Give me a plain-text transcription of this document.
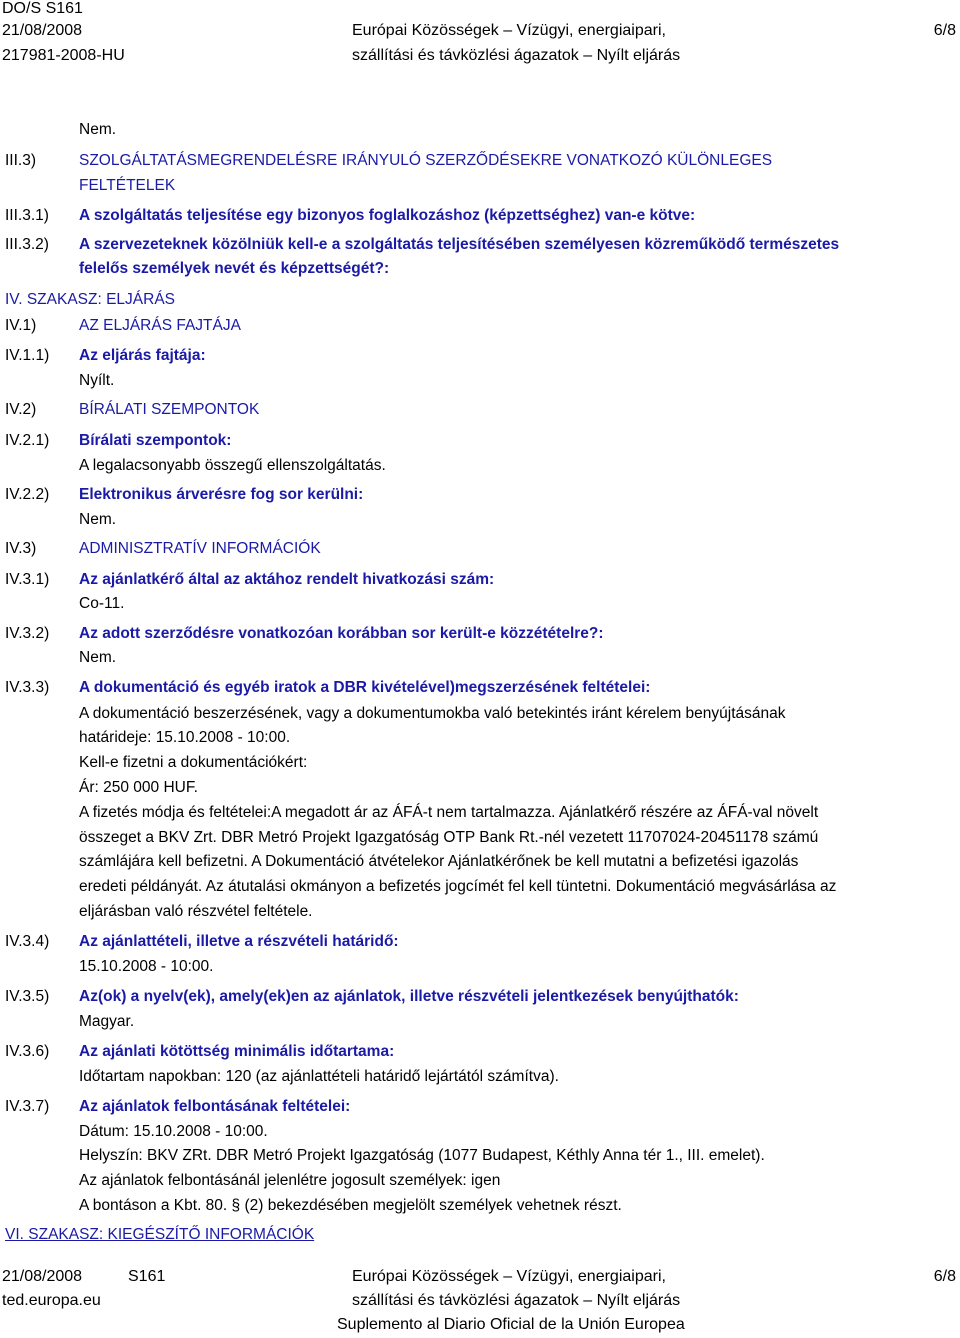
DO/S S161
21/08/2008
217981-2008-HU
Európai Közösségek – Vízügyi, energiaipari,
szállítási és távközlési ágazatok – Nyílt eljárás
6/8
Nem.
III.3)	SZOLGÁLTATÁSMEGRENDELÉSRE IRÁNYULÓ SZERZŐDÉSEKRE VONATKOZÓ KÜLÖNLEGES
FELTÉTELEK
III.3.1) A szolgáltatás teljesítése egy bizonyos foglalkozáshoz (képzettséghez) van-e kötve:
III.3.2) A szervezeteknek közölniük kell-e a szolgáltatás teljesítésében személyesen közreműködő természetes
felelős személyek nevét és képzettségét?:
IV. SZAKASZ: ELJÁRÁS
IV.1)	AZ ELJÁRÁS FAJTÁJA
IV.1.1) Az eljárás fajtája:
Nyílt.
IV.2)	BÍRÁLATI SZEMPONTOK
IV.2.1) Bírálati szempontok:
A legalacsonyabb összegű ellenszolgáltatás.
IV.2.2) Elektronikus árverésre fog sor kerülni:
Nem.
IV.3)	ADMINISZTRATÍV INFORMÁCIÓK
IV.3.1) Az ajánlatkérő által az aktához rendelt hivatkozási szám:
Co-11.
IV.3.2) Az adott szerződésre vonatkozóan korábban sor került-e közzétételre?:
Nem.
IV.3.3) A dokumentáció és egyéb iratok a DBR kivételével)megszerzésének feltételei:
A dokumentáció beszerzésének, vagy a dokumentumokba való betekintés iránt kérelem benyújtásának
határideje: 15.10.2008 - 10:00.
Kell-e fizetni a dokumentációkért:
Ár: 250 000 HUF.
A fizetés módja és feltételei:A megadott ár az ÁFÁ-t nem tartalmazza. Ajánlatkérő részére az ÁFÁ-val növelt
összeget a BKV Zrt. DBR Metró Projekt Igazgatóság OTP Bank Rt.-nél vezetett 11707024-20451178 számú
számlájára kell befizetni. A Dokumentáció átvételekor Ajánlatkérőnek be kell mutatni a befizetési igazolás
eredeti példányát. Az átutalási okmányon a befizetés jogcímét fel kell tüntetni. Dokumentáció megvásárlása az
eljárásban való részvétel feltétele.
IV.3.4) Az ajánlattételi, illetve a részvételi határidő:
15.10.2008 - 10:00.
IV.3.5) Az(ok) a nyelv(ek), amely(ek)en az ajánlatok, illetve részvételi jelentkezések benyújthatók:
Magyar.
IV.3.6) Az ajánlati kötöttség minimális időtartama:
Időtartam napokban: 120 (az ajánlattételi határidő lejártától számítva).
IV.3.7) Az ajánlatok felbontásának feltételei:
Dátum: 15.10.2008 - 10:00.
Helyszín: BKV ZRt. DBR Metró Projekt Igazgatóság (1077 Budapest, Kéthly Anna tér 1., III. emelet).
Az ajánlatok felbontásánál jelenlétre jogosult személyek: igen
A bontáson a Kbt. 80. § (2) bekezdésében megjelölt személyek vehetnek részt.
VI. SZAKASZ: KIEGÉSZÍTŐ INFORMÁCIÓK
21/08/2008	S161
ted.europa.eu
Európai Közösségek – Vízügyi, energiaipari,
szállítási és távközlési ágazatok – Nyílt eljárás
Suplemento al Diario Oficial de la Unión Europea
6/8
